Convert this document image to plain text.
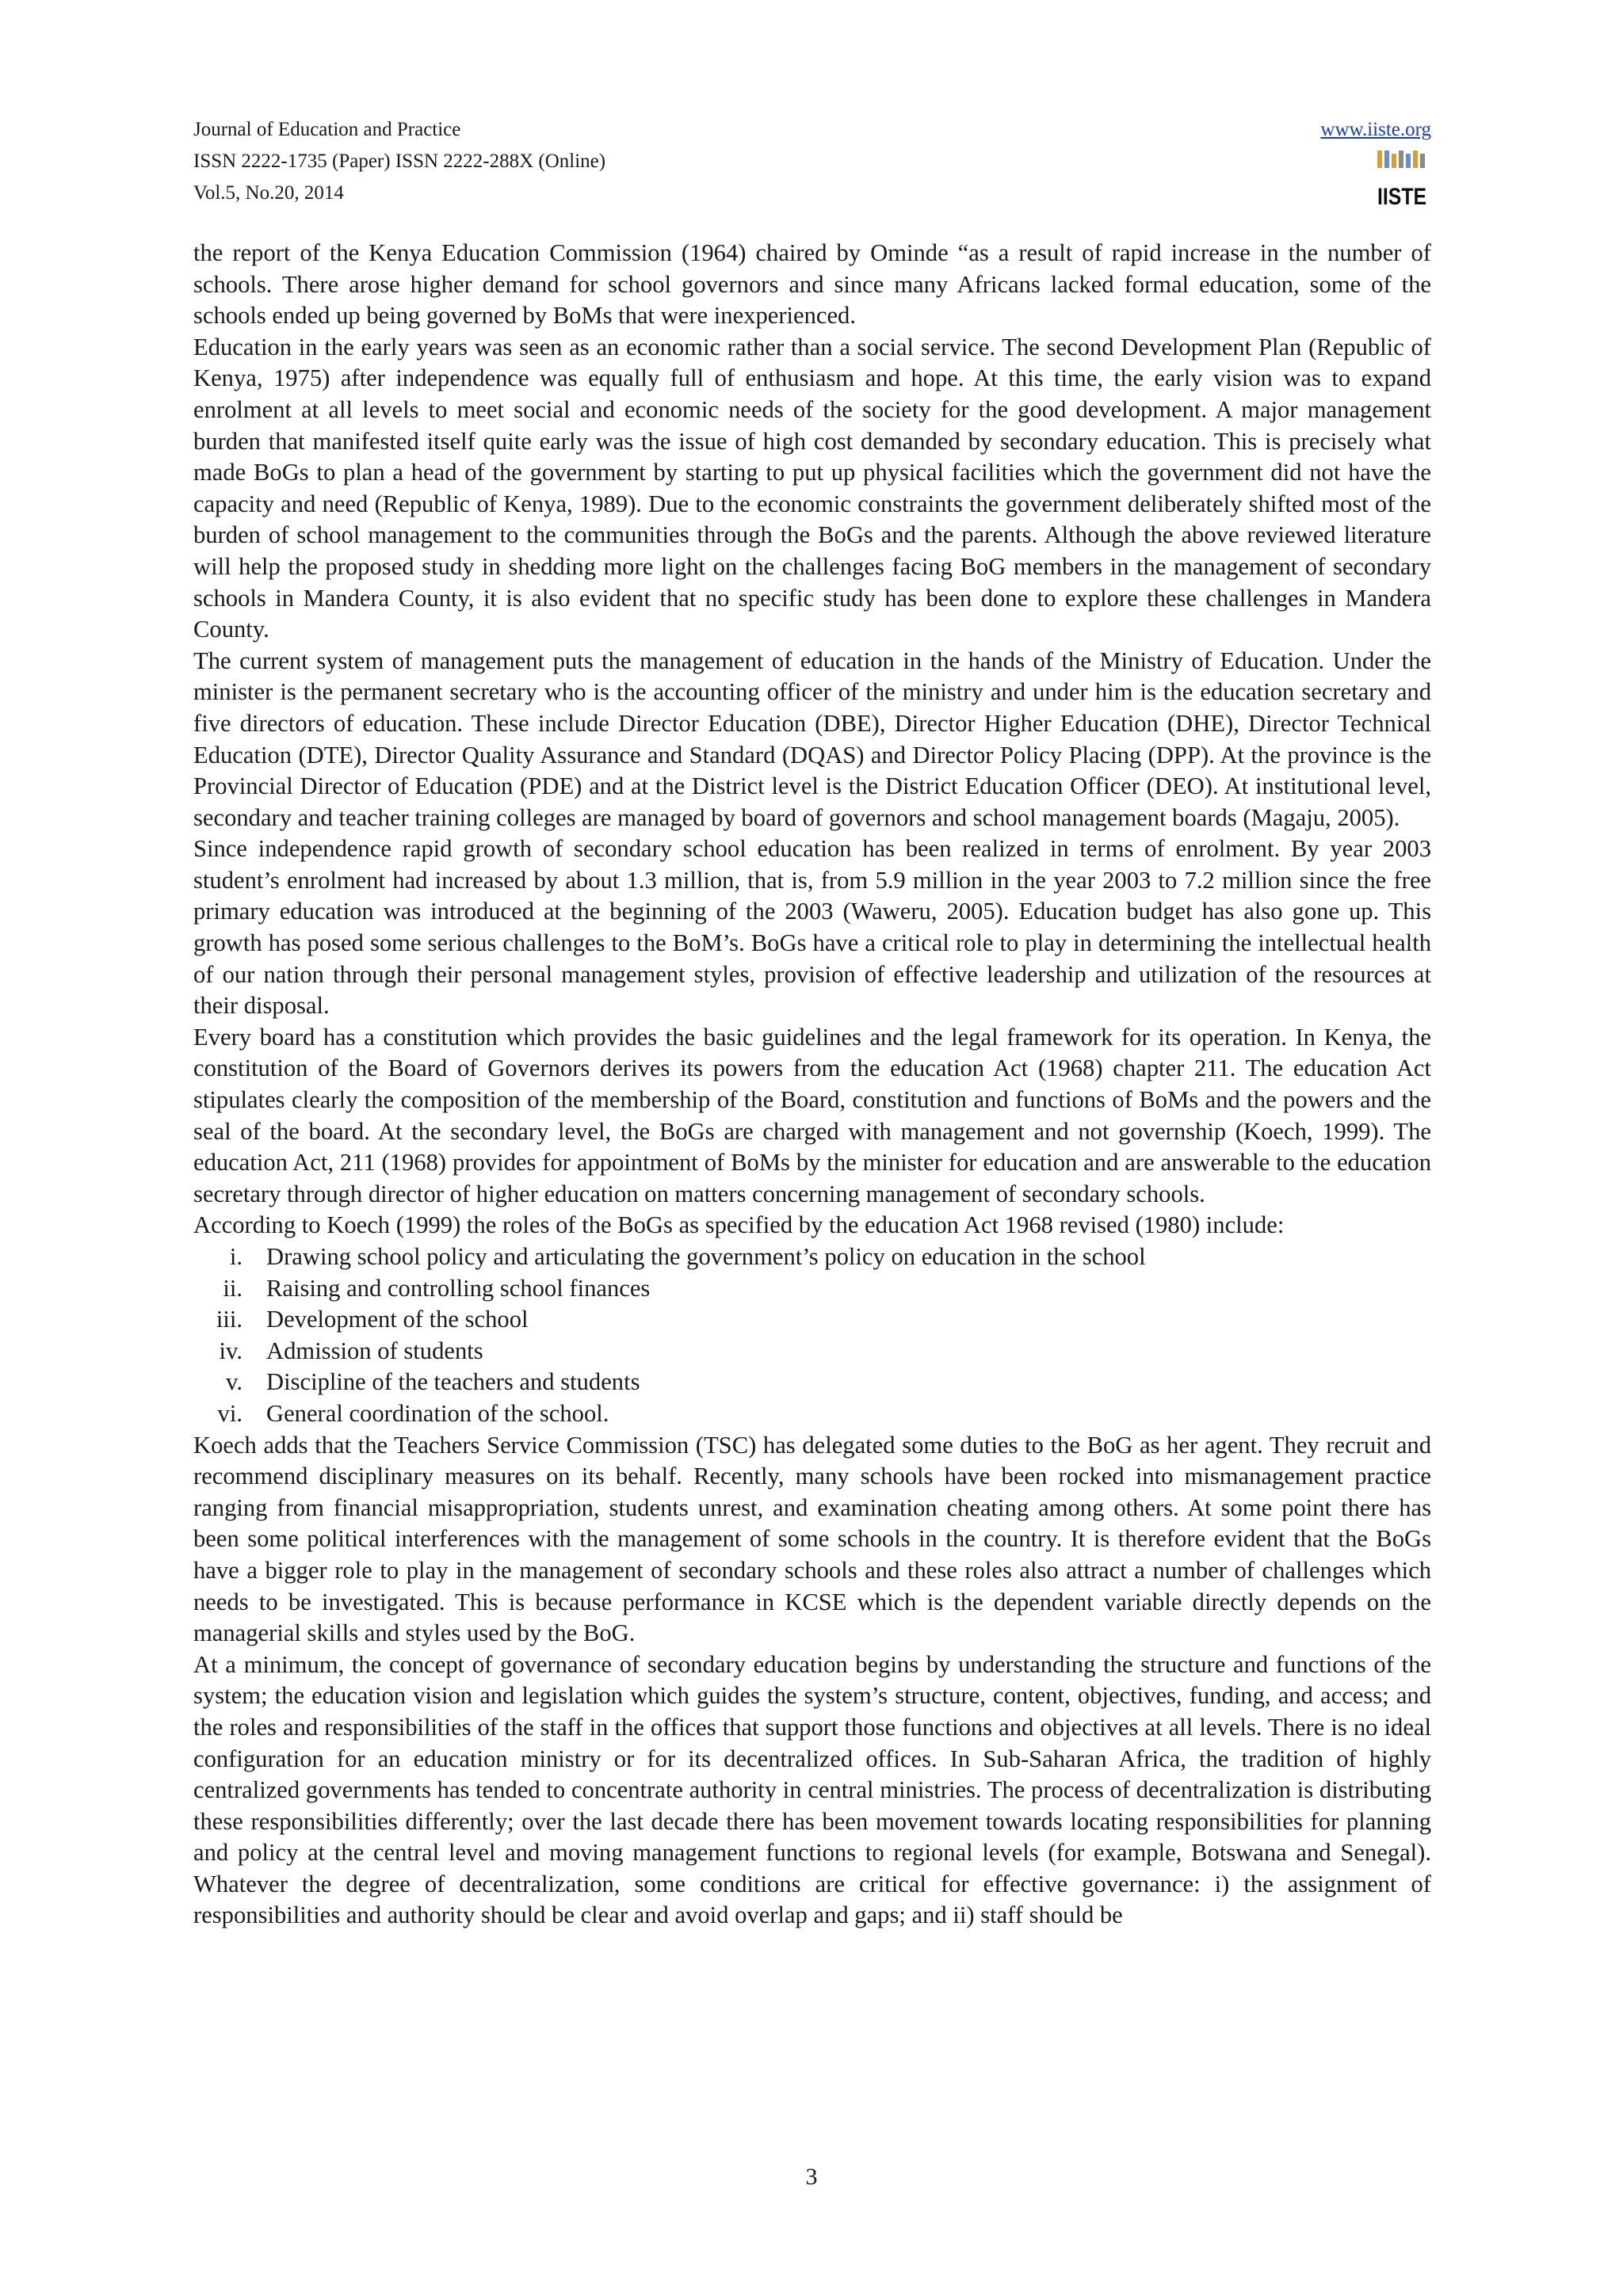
Journal of Education and Practice
ISSN 2222-1735 (Paper) ISSN 2222-288X (Online)
Vol.5, No.20, 2014
www.iiste.org
IISTE

the report of the Kenya Education Commission (1964) chaired by Ominde “as a result of rapid increase in the number of schools. There arose higher demand for school governors and since many Africans lacked formal education, some of the schools ended up being governed by BoMs that were inexperienced.

Education in the early years was seen as an economic rather than a social service. The second Development Plan (Republic of Kenya, 1975) after independence was equally full of enthusiasm and hope. At this time, the early vision was to expand enrolment at all levels to meet social and economic needs of the society for the good development. A major management burden that manifested itself quite early was the issue of high cost demanded by secondary education. This is precisely what made BoGs to plan a head of the government by starting to put up physical facilities which the government did not have the capacity and need (Republic of Kenya, 1989). Due to the economic constraints the government deliberately shifted most of the burden of school management to the communities through the BoGs and the parents. Although the above reviewed literature will help the proposed study in shedding more light on the challenges facing BoG members in the management of secondary schools in Mandera County, it is also evident that no specific study has been done to explore these challenges in Mandera County.

The current system of management puts the management of education in the hands of the Ministry of Education. Under the minister is the permanent secretary who is the accounting officer of the ministry and under him is the education secretary and five directors of education. These include Director Education (DBE), Director Higher Education (DHE), Director Technical Education (DTE), Director Quality Assurance and Standard (DQAS) and Director Policy Placing (DPP). At the province is the Provincial Director of Education (PDE) and at the District level is the District Education Officer (DEO). At institutional level, secondary and teacher training colleges are managed by board of governors and school management boards (Magaju, 2005).

Since independence rapid growth of secondary school education has been realized in terms of enrolment. By year 2003 student’s enrolment had increased by about 1.3 million, that is, from 5.9 million in the year 2003 to 7.2 million since the free primary education was introduced at the beginning of the 2003 (Waweru, 2005). Education budget has also gone up. This growth has posed some serious challenges to the BoM’s. BoGs have a critical role to play in determining the intellectual health of our nation through their personal management styles, provision of effective leadership and utilization of the resources at their disposal.

Every board has a constitution which provides the basic guidelines and the legal framework for its operation. In Kenya, the constitution of the Board of Governors derives its powers from the education Act (1968) chapter 211. The education Act stipulates clearly the composition of the membership of the Board, constitution and functions of BoMs and the powers and the seal of the board. At the secondary level, the BoGs are charged with management and not governship (Koech, 1999). The education Act, 211 (1968) provides for appointment of BoMs by the minister for education and are answerable to the education secretary through director of higher education on matters concerning management of secondary schools.

According to Koech (1999) the roles of the BoGs as specified by the education Act 1968 revised (1980) include:

i. Drawing school policy and articulating the government’s policy on education in the school
ii. Raising and controlling school finances
iii. Development of the school
iv. Admission of students
v. Discipline of the teachers and students
vi. General coordination of the school.

Koech adds that the Teachers Service Commission (TSC) has delegated some duties to the BoG as her agent. They recruit and recommend disciplinary measures on its behalf. Recently, many schools have been rocked into mismanagement practice ranging from financial misappropriation, students unrest, and examination cheating among others. At some point there has been some political interferences with the management of some schools in the country. It is therefore evident that the BoGs have a bigger role to play in the management of secondary schools and these roles also attract a number of challenges which needs to be investigated. This is because performance in KCSE which is the dependent variable directly depends on the managerial skills and styles used by the BoG.

At a minimum, the concept of governance of secondary education begins by understanding the structure and functions of the system; the education vision and legislation which guides the system’s structure, content, objectives, funding, and access; and the roles and responsibilities of the staff in the offices that support those functions and objectives at all levels. There is no ideal configuration for an education ministry or for its decentralized offices. In Sub-Saharan Africa, the tradition of highly centralized governments has tended to concentrate authority in central ministries. The process of decentralization is distributing these responsibilities differently; over the last decade there has been movement towards locating responsibilities for planning and policy at the central level and moving management functions to regional levels (for example, Botswana and Senegal). Whatever the degree of decentralization, some conditions are critical for effective governance: i) the assignment of responsibilities and authority should be clear and avoid overlap and gaps; and ii) staff should be

3
